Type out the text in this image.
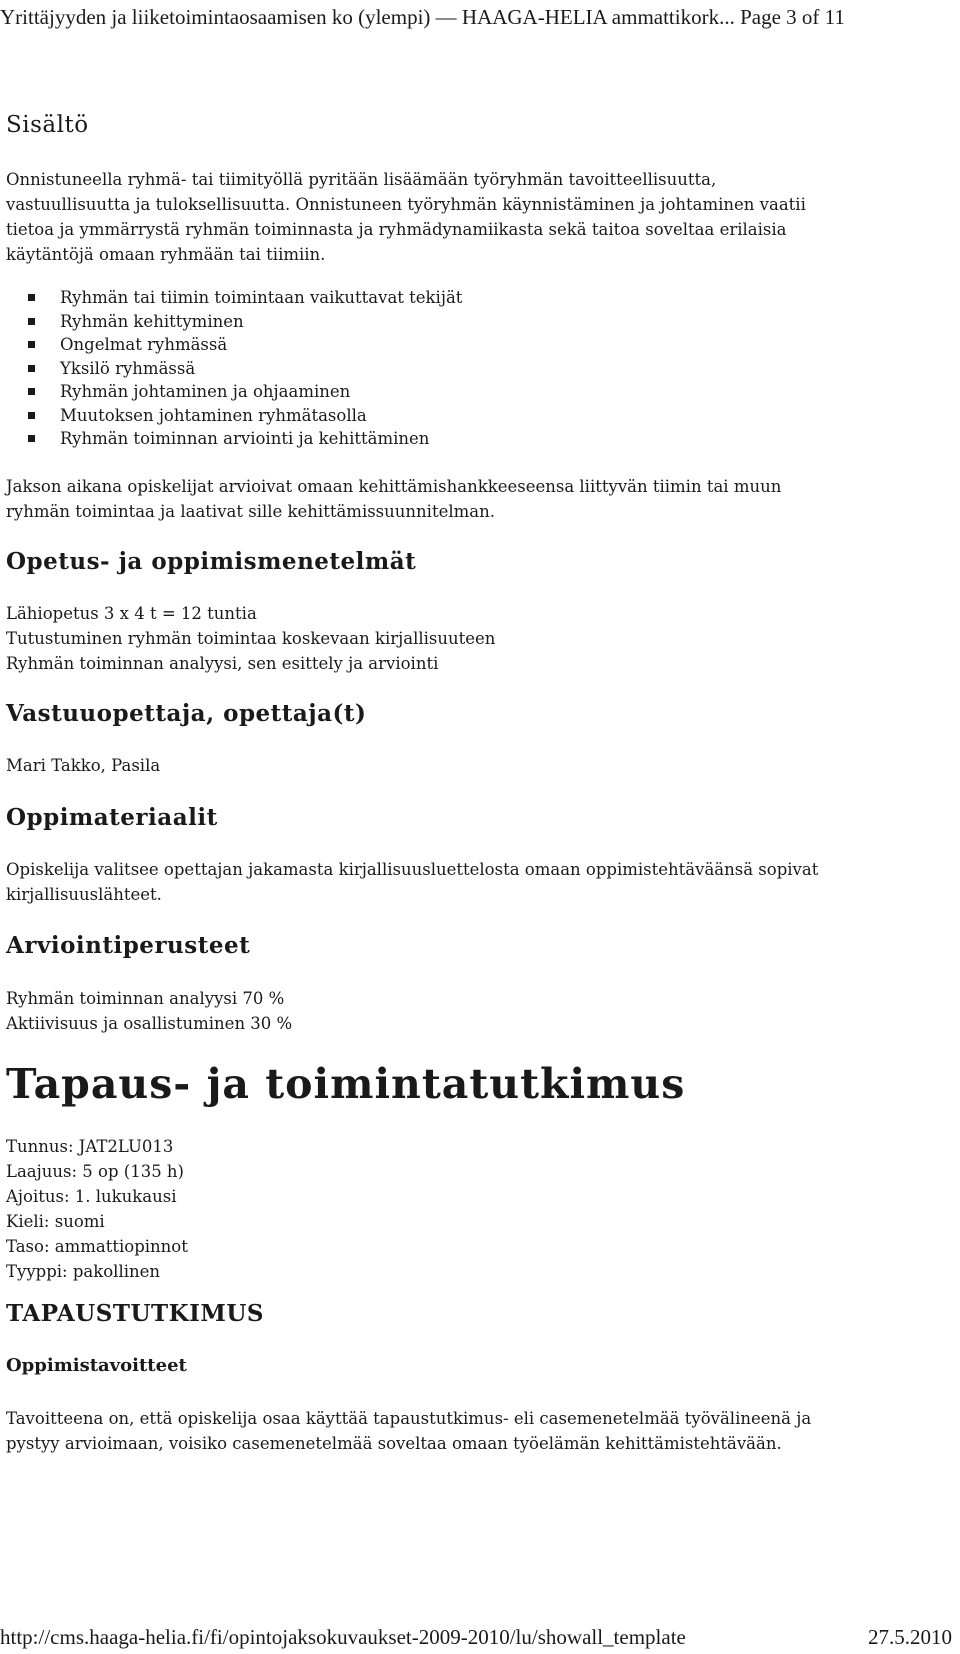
Yrittäjyyden ja liiketoimintaosaamisen ko (ylempi) — HAAGA-HELIA ammattikork... Page 3 of 11
Sisältö
Onnistuneella ryhmä- tai tiimityöllä pyritään lisäämään työryhmän tavoitteellisuutta,
vastuullisuutta ja tuloksellisuutta. Onnistuneen työryhmän käynnistäminen ja johtaminen vaatii
tietoa ja ymmärrystä ryhmän toiminnasta ja ryhmädynamiikasta sekä taitoa soveltaa erilaisia
käytäntöjä omaan ryhmään tai tiimiin.
Ryhmän tai tiimin toimintaan vaikuttavat tekijät
Ryhmän kehittyminen
Ongelmat ryhmässä
Yksilö ryhmässä
Ryhmän johtaminen ja ohjaaminen
Muutoksen johtaminen ryhmätasolla
Ryhmän toiminnan arviointi ja kehittäminen
Jakson aikana opiskelijat arvioivat omaan kehittämishankkeeseensa liittyvän tiimin tai muun
ryhmän toimintaa ja laativat sille kehittämissuunnitelman.
Opetus- ja oppimismenetelmät
Lähiopetus 3 x 4 t = 12 tuntia
Tutustuminen ryhmän toimintaa koskevaan kirjallisuuteen
Ryhmän toiminnan analyysi, sen esittely ja arviointi
Vastuuopettaja, opettaja(t)
Mari Takko, Pasila
Oppimateriaalit
Opiskelija valitsee opettajan jakamasta kirjallisuusluettelosta omaan oppimistehtäväänsä sopivat
kirjallisuuslähteet.
Arviointiperusteet
Ryhmän toiminnan analyysi 70 %
Aktiivisuus ja osallistuminen 30 %
Tapaus- ja toimintatutkimus
Tunnus: JAT2LU013
Laajuus: 5 op (135 h)
Ajoitus: 1. lukukausi
Kieli: suomi
Taso: ammattiopinnot
Tyyppi: pakollinen
TAPAUSTUTKIMUS
Oppimistavoitteet
Tavoitteena on, että opiskelija osaa käyttää tapaustutkimus- eli casemenetelmää työvälineenä ja
pystyy arvioimaan, voisiko casemenetelmää soveltaa omaan työelämän kehittämistehtävään.
http://cms.haaga-helia.fi/fi/opintojaksokuvaukset-2009-2010/lu/showall_template	27.5.2010
